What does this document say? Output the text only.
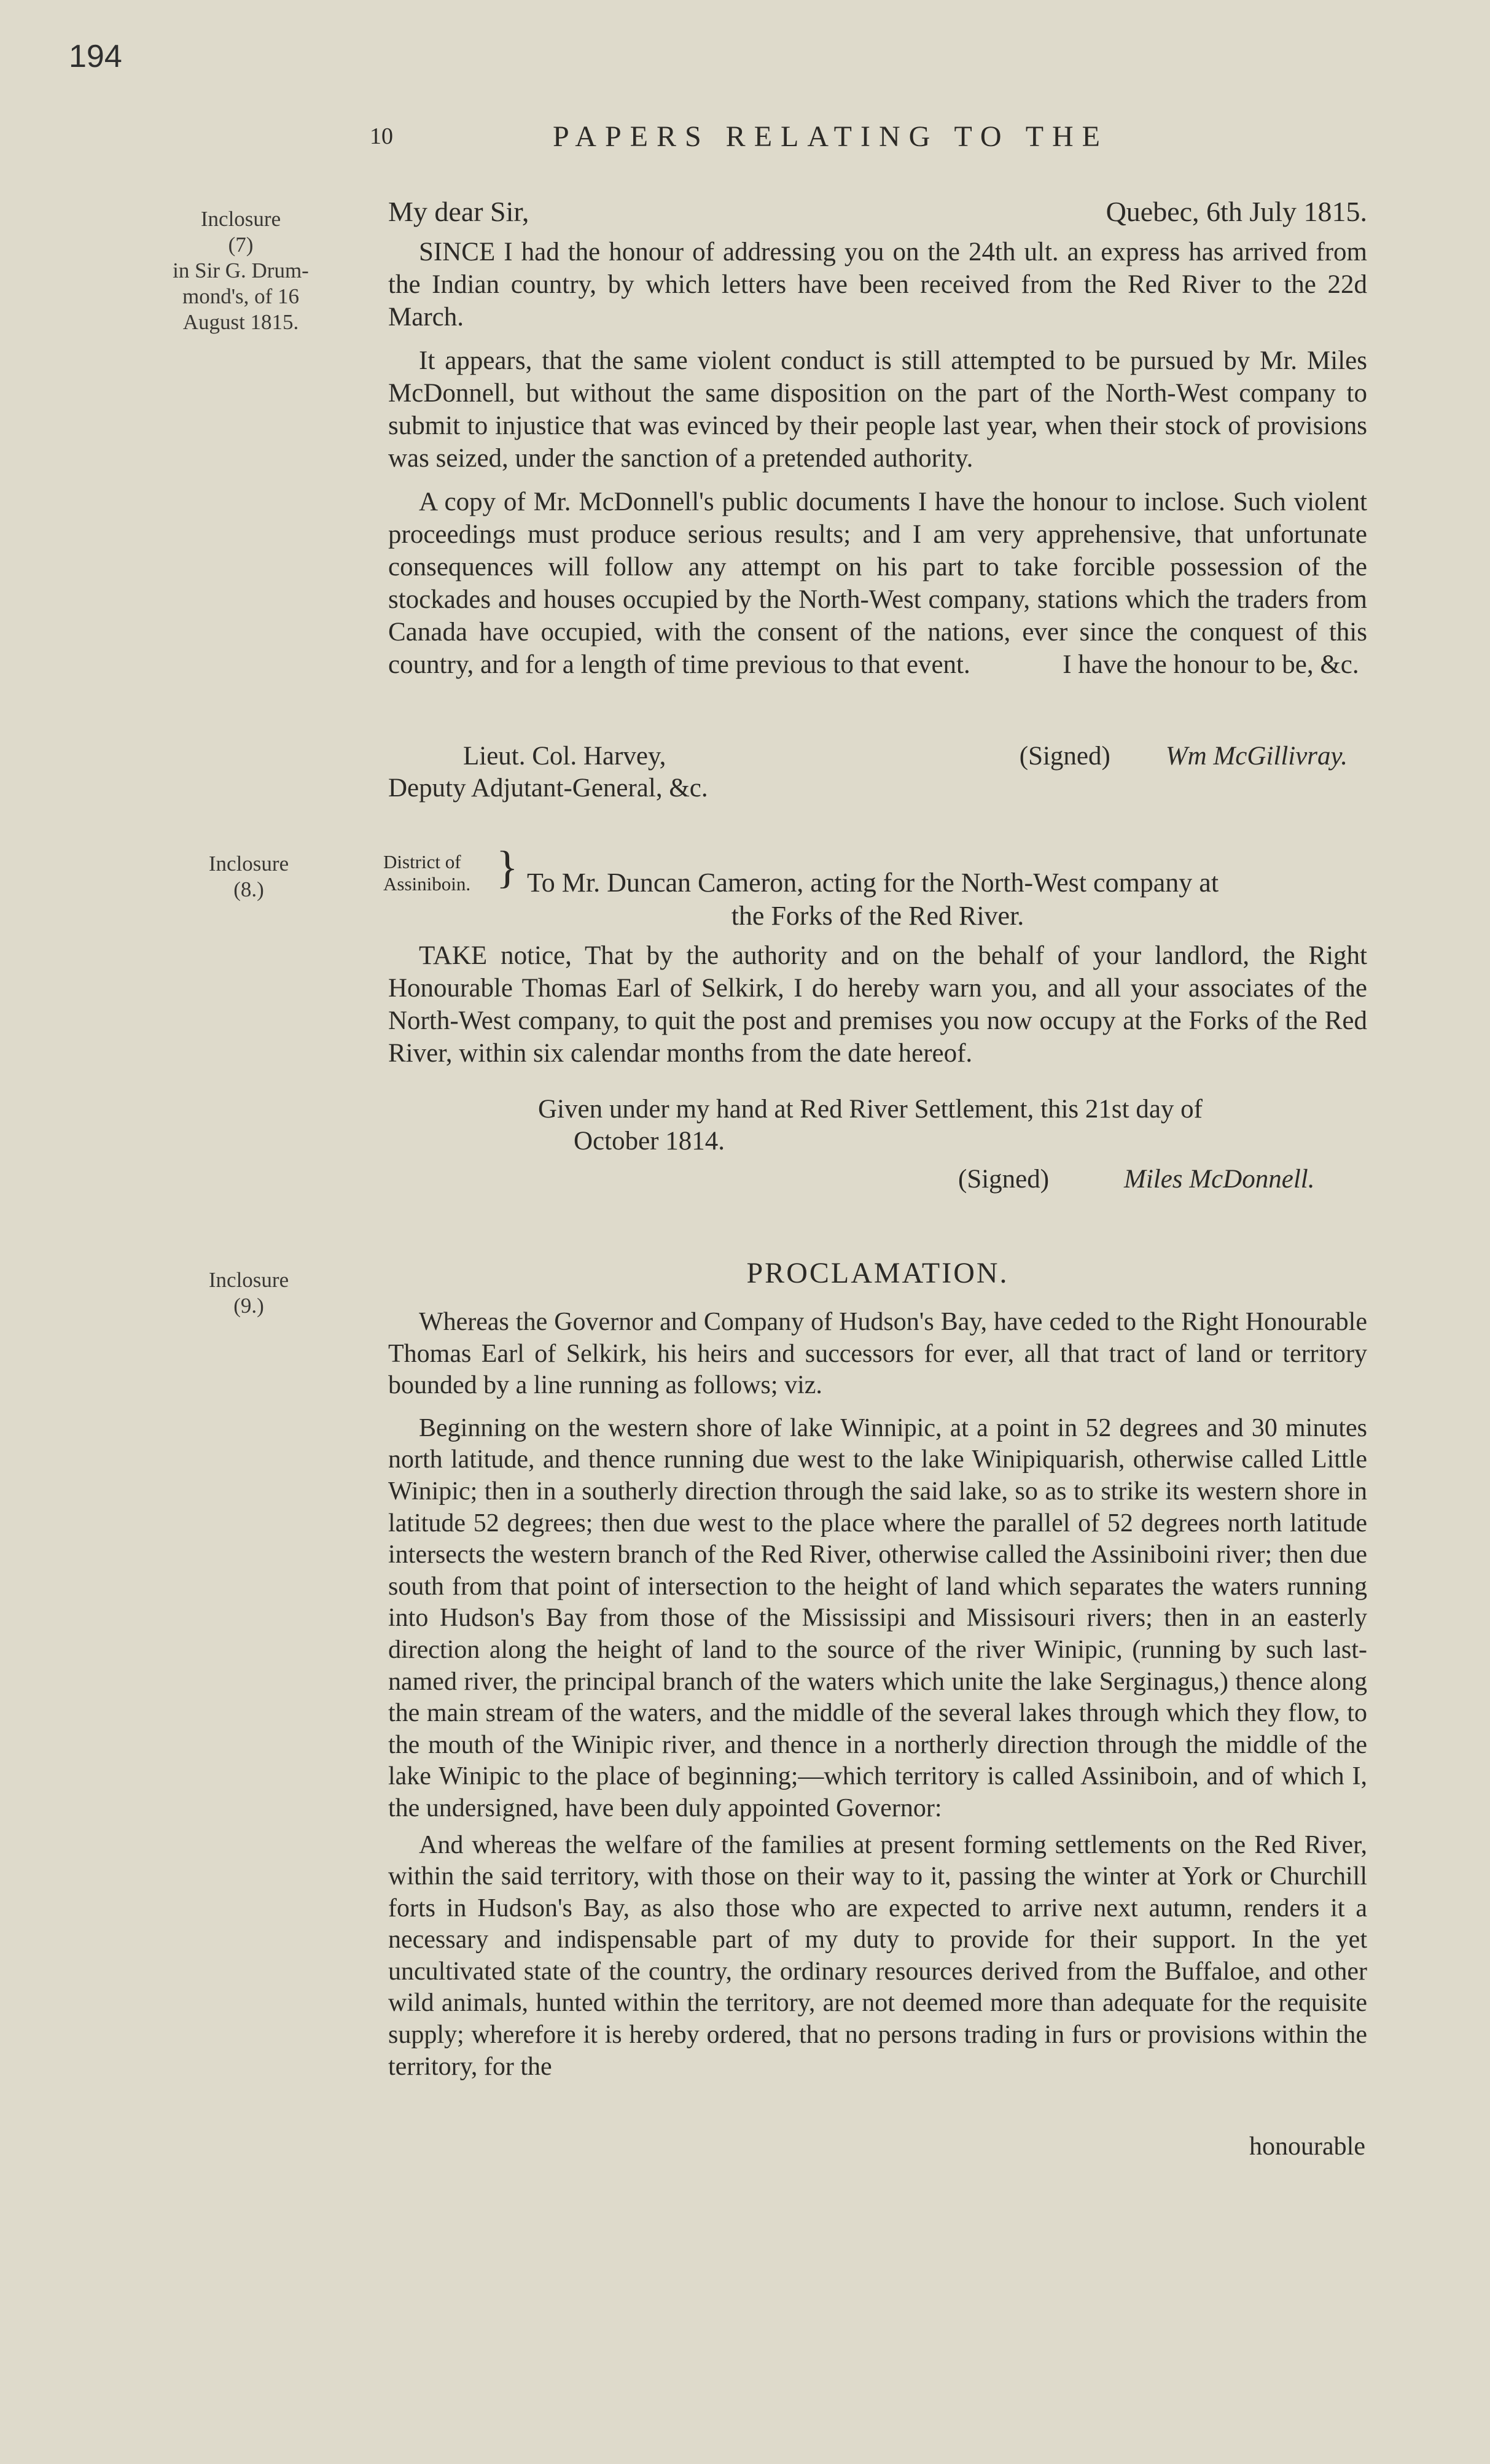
194
10	PAPERS RELATING TO THE
Inclosure
(7)
in Sir G. Drum-
mond's, of 16
August 1815.
My dear Sir,	Quebec, 6th July 1815.

SINCE I had the honour of addressing you on the 24th ult. an express has arrived from the Indian country, by which letters have been received from the Red River to the 22d March.

It appears, that the same violent conduct is still attempted to be pursued by Mr. Miles McDonnell, but without the same disposition on the part of the North-West company to submit to injustice that was evinced by their people last year, when their stock of provisions was seized, under the sanction of a pretended authority.

A copy of Mr. McDonnell's public documents I have the honour to inclose. Such violent proceedings must produce serious results; and I am very apprehensive, that unfortunate consequences will follow any attempt on his part to take forcible possession of the stockades and houses occupied by the North-West company, stations which the traders from Canada have occupied, with the consent of the nations, ever since the conquest of this country, and for a length of time previous to that event.              I have the honour to be, &c.

Lieut. Col. Harvey,	(Signed) Wm McGillivray.
Deputy Adjutant-General, &c.
Inclosure
(8.)
District of
Assiniboin. } To Mr. Duncan Cameron, acting for the North-West company at
the Forks of the Red River.

TAKE notice, That by the authority and on the behalf of your landlord, the Right Honourable Thomas Earl of Selkirk, I do hereby warn you, and all your associates of the North-West company, to quit the post and premises you now occupy at the Forks of the Red River, within six calendar months from the date hereof.

Given under my hand at Red River Settlement, this 21st day of
October 1814.
(Signed)	Miles McDonnell.
Inclosure
(9.)
PROCLAMATION.

Whereas the Governor and Company of Hudson's Bay, have ceded to the Right Honourable Thomas Earl of Selkirk, his heirs and successors for ever, all that tract of land or territory bounded by a line running as follows; viz.

Beginning on the western shore of lake Winnipic, at a point in 52 degrees and 30 minutes north latitude, and thence running due west to the lake Winipiquarish, otherwise called Little Winipic; then in a southerly direction through the said lake, so as to strike its western shore in latitude 52 degrees; then due west to the place where the parallel of 52 degrees north latitude intersects the western branch of the Red River, otherwise called the Assiniboini river; then due south from that point of intersection to the height of land which separates the waters running into Hudson's Bay from those of the Mississipi and Missisouri rivers; then in an easterly direction along the height of land to the source of the river Winipic, (running by such last-named river, the principal branch of the waters which unite the lake Serginagus,) thence along the main stream of the waters, and the middle of the several lakes through which they flow, to the mouth of the Winipic river, and thence in a northerly direction through the middle of the lake Winipic to the place of beginning;—which territory is called Assiniboin, and of which I, the undersigned, have been duly appointed Governor:

And whereas the welfare of the families at present forming settlements on the Red River, within the said territory, with those on their way to it, passing the winter at York or Churchill forts in Hudson's Bay, as also those who are expected to arrive next autumn, renders it a necessary and indispensable part of my duty to provide for their support. In the yet uncultivated state of the country, the ordinary resources derived from the Buffaloe, and other wild animals, hunted within the territory, are not deemed more than adequate for the requisite supply; wherefore it is hereby ordered, that no persons trading in furs or provisions within the territory, for the

honourable
